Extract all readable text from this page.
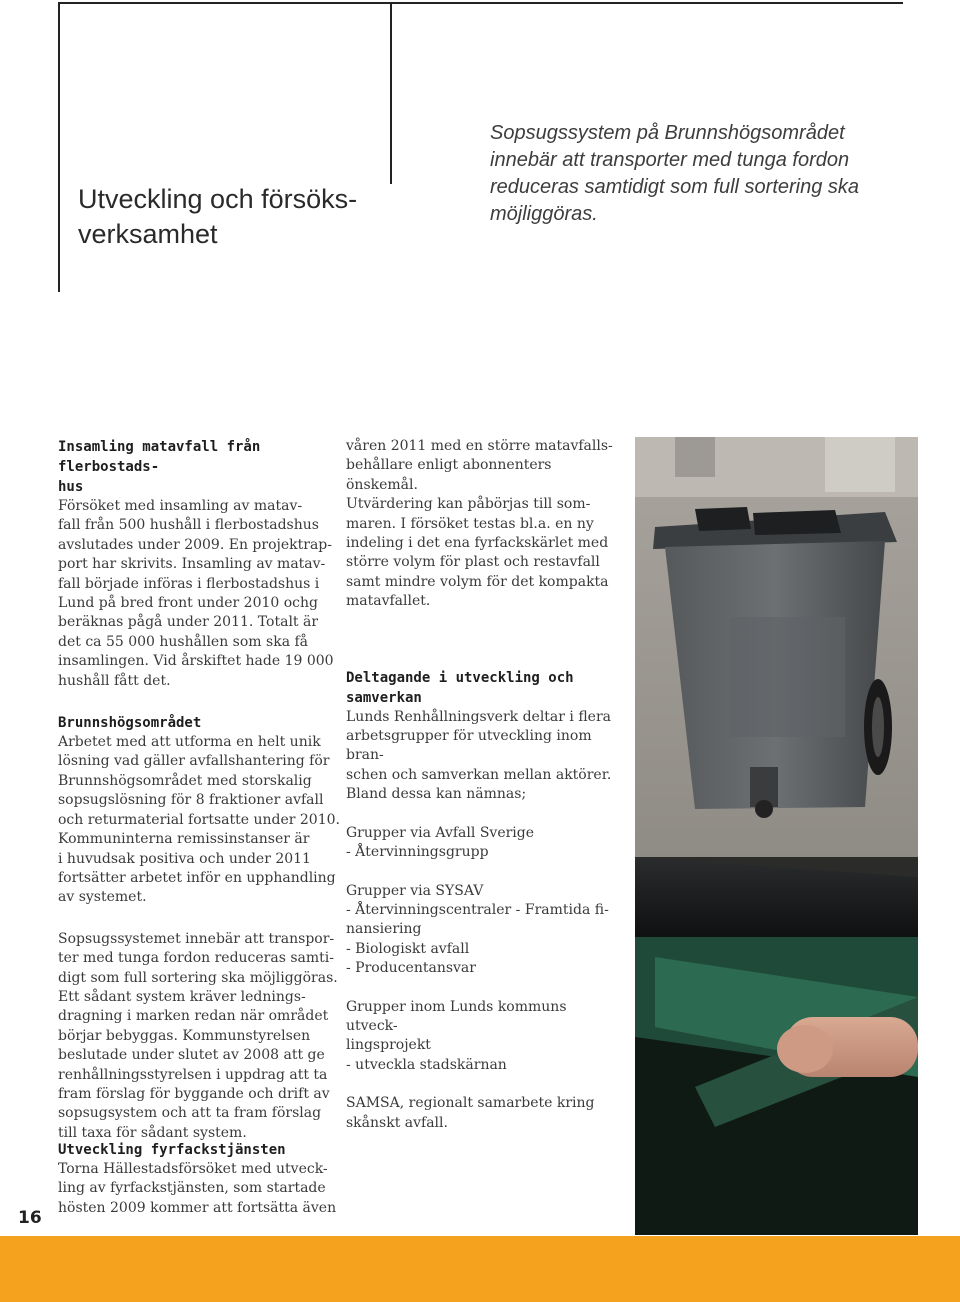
Utveckling och försöks-
verksamhet

Sopsugssystem på Brunnshögsområdet innebär att transporter med tunga fordon reduceras samtidigt som full sortering ska möjliggöras.

Insamling matavfall från flerbostads-
hus

Försöket med insamling av matav-
fall från 500 hushåll i flerbostadshus
avslutades under 2009. En projektrap-
port har skrivits. Insamling av matav-
fall började införas i flerbostadshus i
Lund på bred front under 2010 ochg
beräknas pågå under 2011. Totalt är
det ca 55 000 hushållen som ska få
insamlingen. Vid årskiftet hade 19 000
hushåll fått det.

Brunnshögsområdet

Arbetet med att utforma en helt unik
lösning vad gäller avfallshantering för
Brunnshögsområdet med storskalig
sopsugslösning för 8 fraktioner avfall
och returmaterial fortsatte under 2010.
Kommuninterna remissinstanser är
i huvudsak positiva och under 2011
fortsätter arbetet inför en upphandling
av systemet.

Sopsugssystemet innebär att transpor-
ter med tunga fordon reduceras samti-
digt som full sortering ska möjliggöras.
Ett sådant system kräver lednings-
dragning i marken redan när området
börjar bebyggas. Kommunstyrelsen
beslutade under slutet av 2008 att ge
renhållningsstyrelsen i uppdrag att ta
fram förslag för byggande och drift av
sopsugsystem och att ta fram förslag
till taxa för sådant system.

Utveckling fyrfackstjänsten

Torna Hällestadsförsöket med utveck-
ling av fyrfackstjänsten, som startade
hösten 2009 kommer att fortsätta även

våren 2011 med en större matavfalls-
behållare enligt abonnenters önskemål.
Utvärdering kan påbörjas till som-
maren. I försöket testas bl.a. en ny
indeling i det ena fyrfackskärlet med
större volym för plast och restavfall
samt mindre volym för det kompakta
matavfallet.

Deltagande i utveckling och
samverkan

Lunds Renhållningsverk deltar i flera
arbetsgrupper för utveckling inom bran-
schen och samverkan mellan aktörer.
Bland dessa kan nämnas;

Grupper via Avfall Sverige
- Återvinningsgrupp

Grupper via SYSAV
- Återvinningscentraler - Framtida fi-
nansiering
- Biologiskt avfall
- Producentansvar

Grupper inom Lunds kommuns utveck-
lingsprojekt
- utveckla stadskärnan

SAMSA, regionalt samarbete kring
skånskt avfall.

16
